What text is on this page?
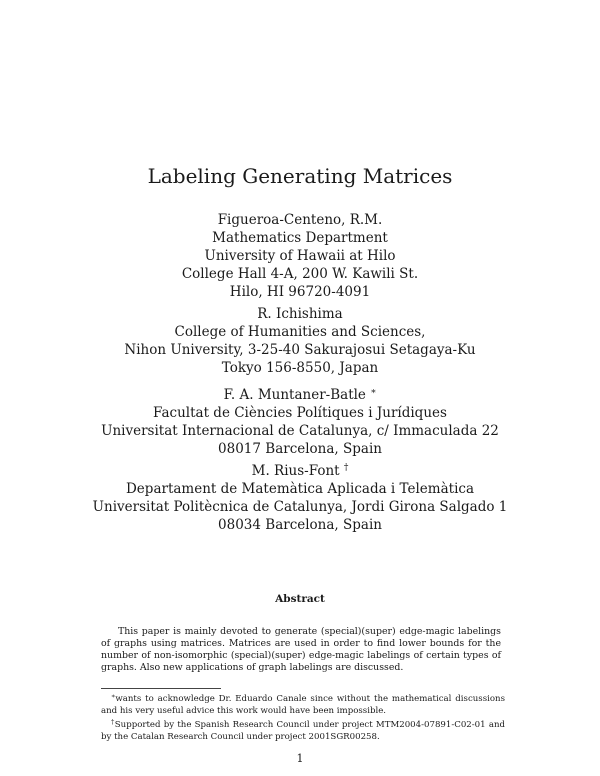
Labeling Generating Matrices
Figueroa-Centeno, R.M.
Mathematics Department
University of Hawaii at Hilo
College Hall 4-A, 200 W. Kawili St.
Hilo, HI 96720-4091
R. Ichishima
College of Humanities and Sciences,
Nihon University, 3-25-40 Sakurajosui Setagaya-Ku
Tokyo 156-8550, Japan
F. A. Muntaner-Batle ∗
Facultat de Ciències Polítiques i Jurídiques
Universitat Internacional de Catalunya, c/ Immaculada 22
08017 Barcelona, Spain
M. Rius-Font †
Departament de Matemàtica Aplicada i Telemàtica
Universitat Politècnica de Catalunya, Jordi Girona Salgado 1
08034 Barcelona, Spain
Abstract
This paper is mainly devoted to generate (special)(super) edge-magic labelings of graphs using matrices. Matrices are used in order to find lower bounds for the number of non-isomorphic (special)(super) edge-magic labelings of certain types of graphs. Also new applications of graph labelings are discussed.

∗wants to acknowledge Dr. Eduardo Canale since without the mathematical discussions and his very useful advice this work would have been impossible.

†Supported by the Spanish Research Council under project MTM2004-07891-C02-01 and by the Catalan Research Council under project 2001SGR00258.

1
